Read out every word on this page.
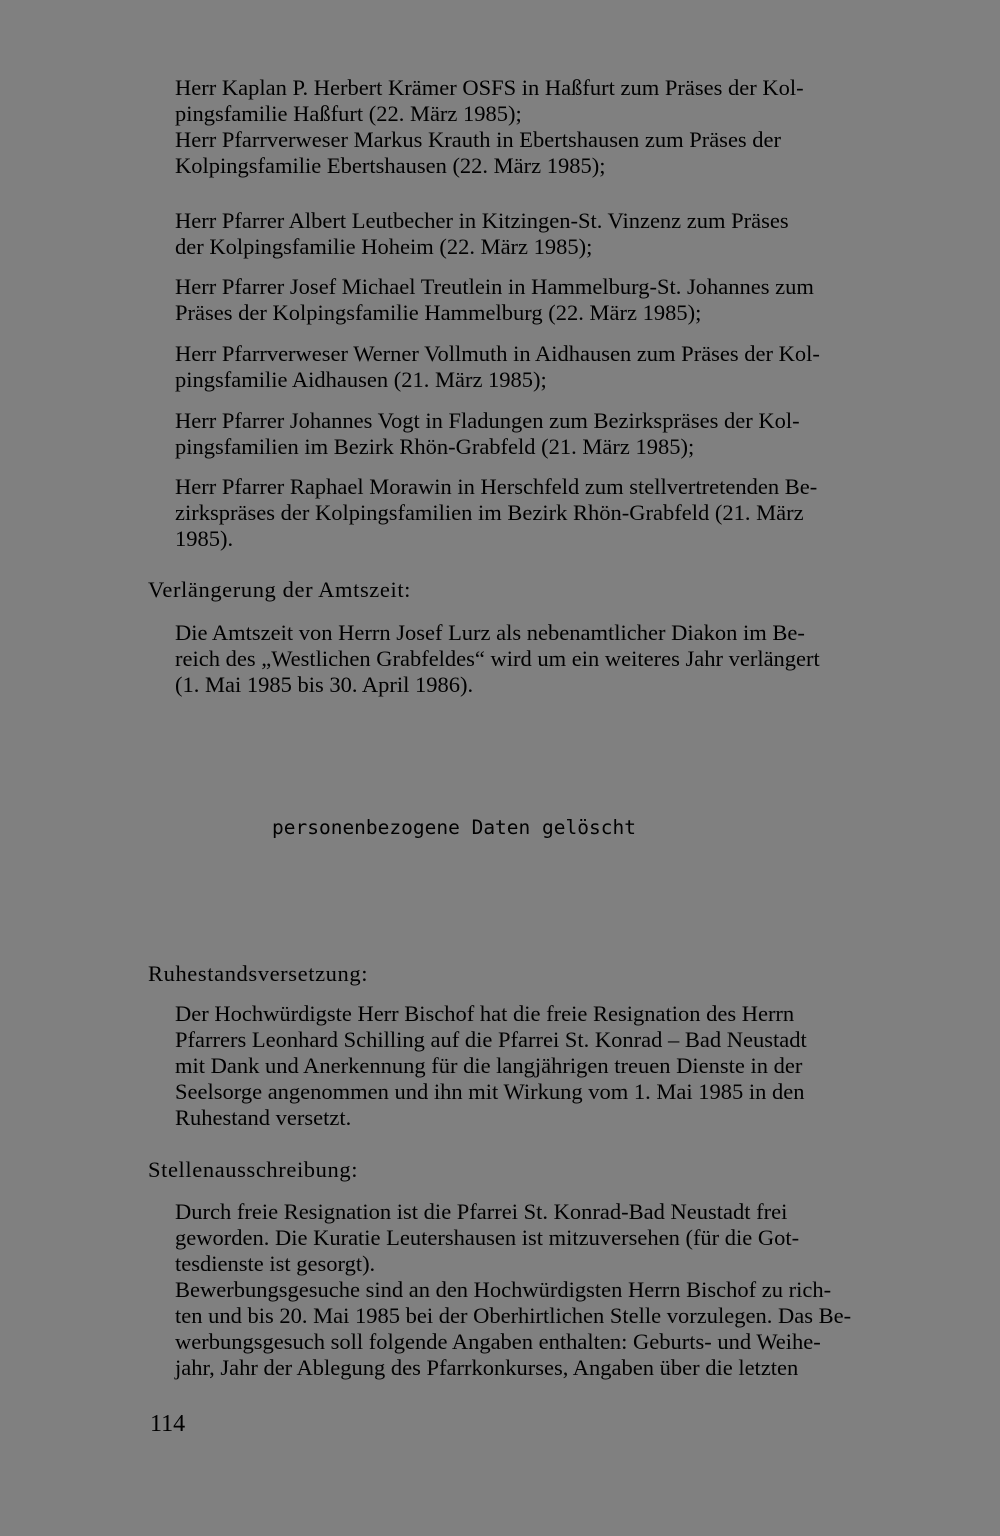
Herr Kaplan P. Herbert Krämer OSFS in Haßfurt zum Präses der Kol-
pingsfamilie Haßfurt (22. März 1985);
Herr Pfarrverweser Markus Krauth in Ebertshausen zum Präses der
Kolpingsfamilie Ebertshausen (22. März 1985);

Herr Pfarrer Albert Leutbecher in Kitzingen-St. Vinzenz zum Präses
der Kolpingsfamilie Hoheim (22. März 1985);

Herr Pfarrer Josef Michael Treutlein in Hammelburg-St. Johannes zum
Präses der Kolpingsfamilie Hammelburg (22. März 1985);

Herr Pfarrverweser Werner Vollmuth in Aidhausen zum Präses der Kol-
pingsfamilie Aidhausen (21. März 1985);

Herr Pfarrer Johannes Vogt in Fladungen zum Bezirkspräses der Kol-
pingsfamilien im Bezirk Rhön-Grabfeld (21. März 1985);

Herr Pfarrer Raphael Morawin in Herschfeld zum stellvertretenden Be-
zirkspräses der Kolpingsfamilien im Bezirk Rhön-Grabfeld (21. März
1985).

Verlängerung der Amtszeit:

Die Amtszeit von Herrn Josef Lurz als nebenamtlicher Diakon im Be-
reich des „Westlichen Grabfeldes“ wird um ein weiteres Jahr verlängert
(1. Mai 1985 bis 30. April 1986).

personenbezogene Daten gelöscht

Ruhestandsversetzung:

Der Hochwürdigste Herr Bischof hat die freie Resignation des Herrn
Pfarrers Leonhard Schilling auf die Pfarrei St. Konrad – Bad Neustadt
mit Dank und Anerkennung für die langjährigen treuen Dienste in der
Seelsorge angenommen und ihn mit Wirkung vom 1. Mai 1985 in den
Ruhestand versetzt.

Stellenausschreibung:

Durch freie Resignation ist die Pfarrei St. Konrad-Bad Neustadt frei
geworden. Die Kuratie Leutershausen ist mitzuversehen (für die Got-
tesdienste ist gesorgt).
Bewerbungsgesuche sind an den Hochwürdigsten Herrn Bischof zu rich-
ten und bis 20. Mai 1985 bei der Oberhirtlichen Stelle vorzulegen. Das Be-
werbungsgesuch soll folgende Angaben enthalten: Geburts- und Weihe-
jahr, Jahr der Ablegung des Pfarrkonkurses, Angaben über die letzten

114
